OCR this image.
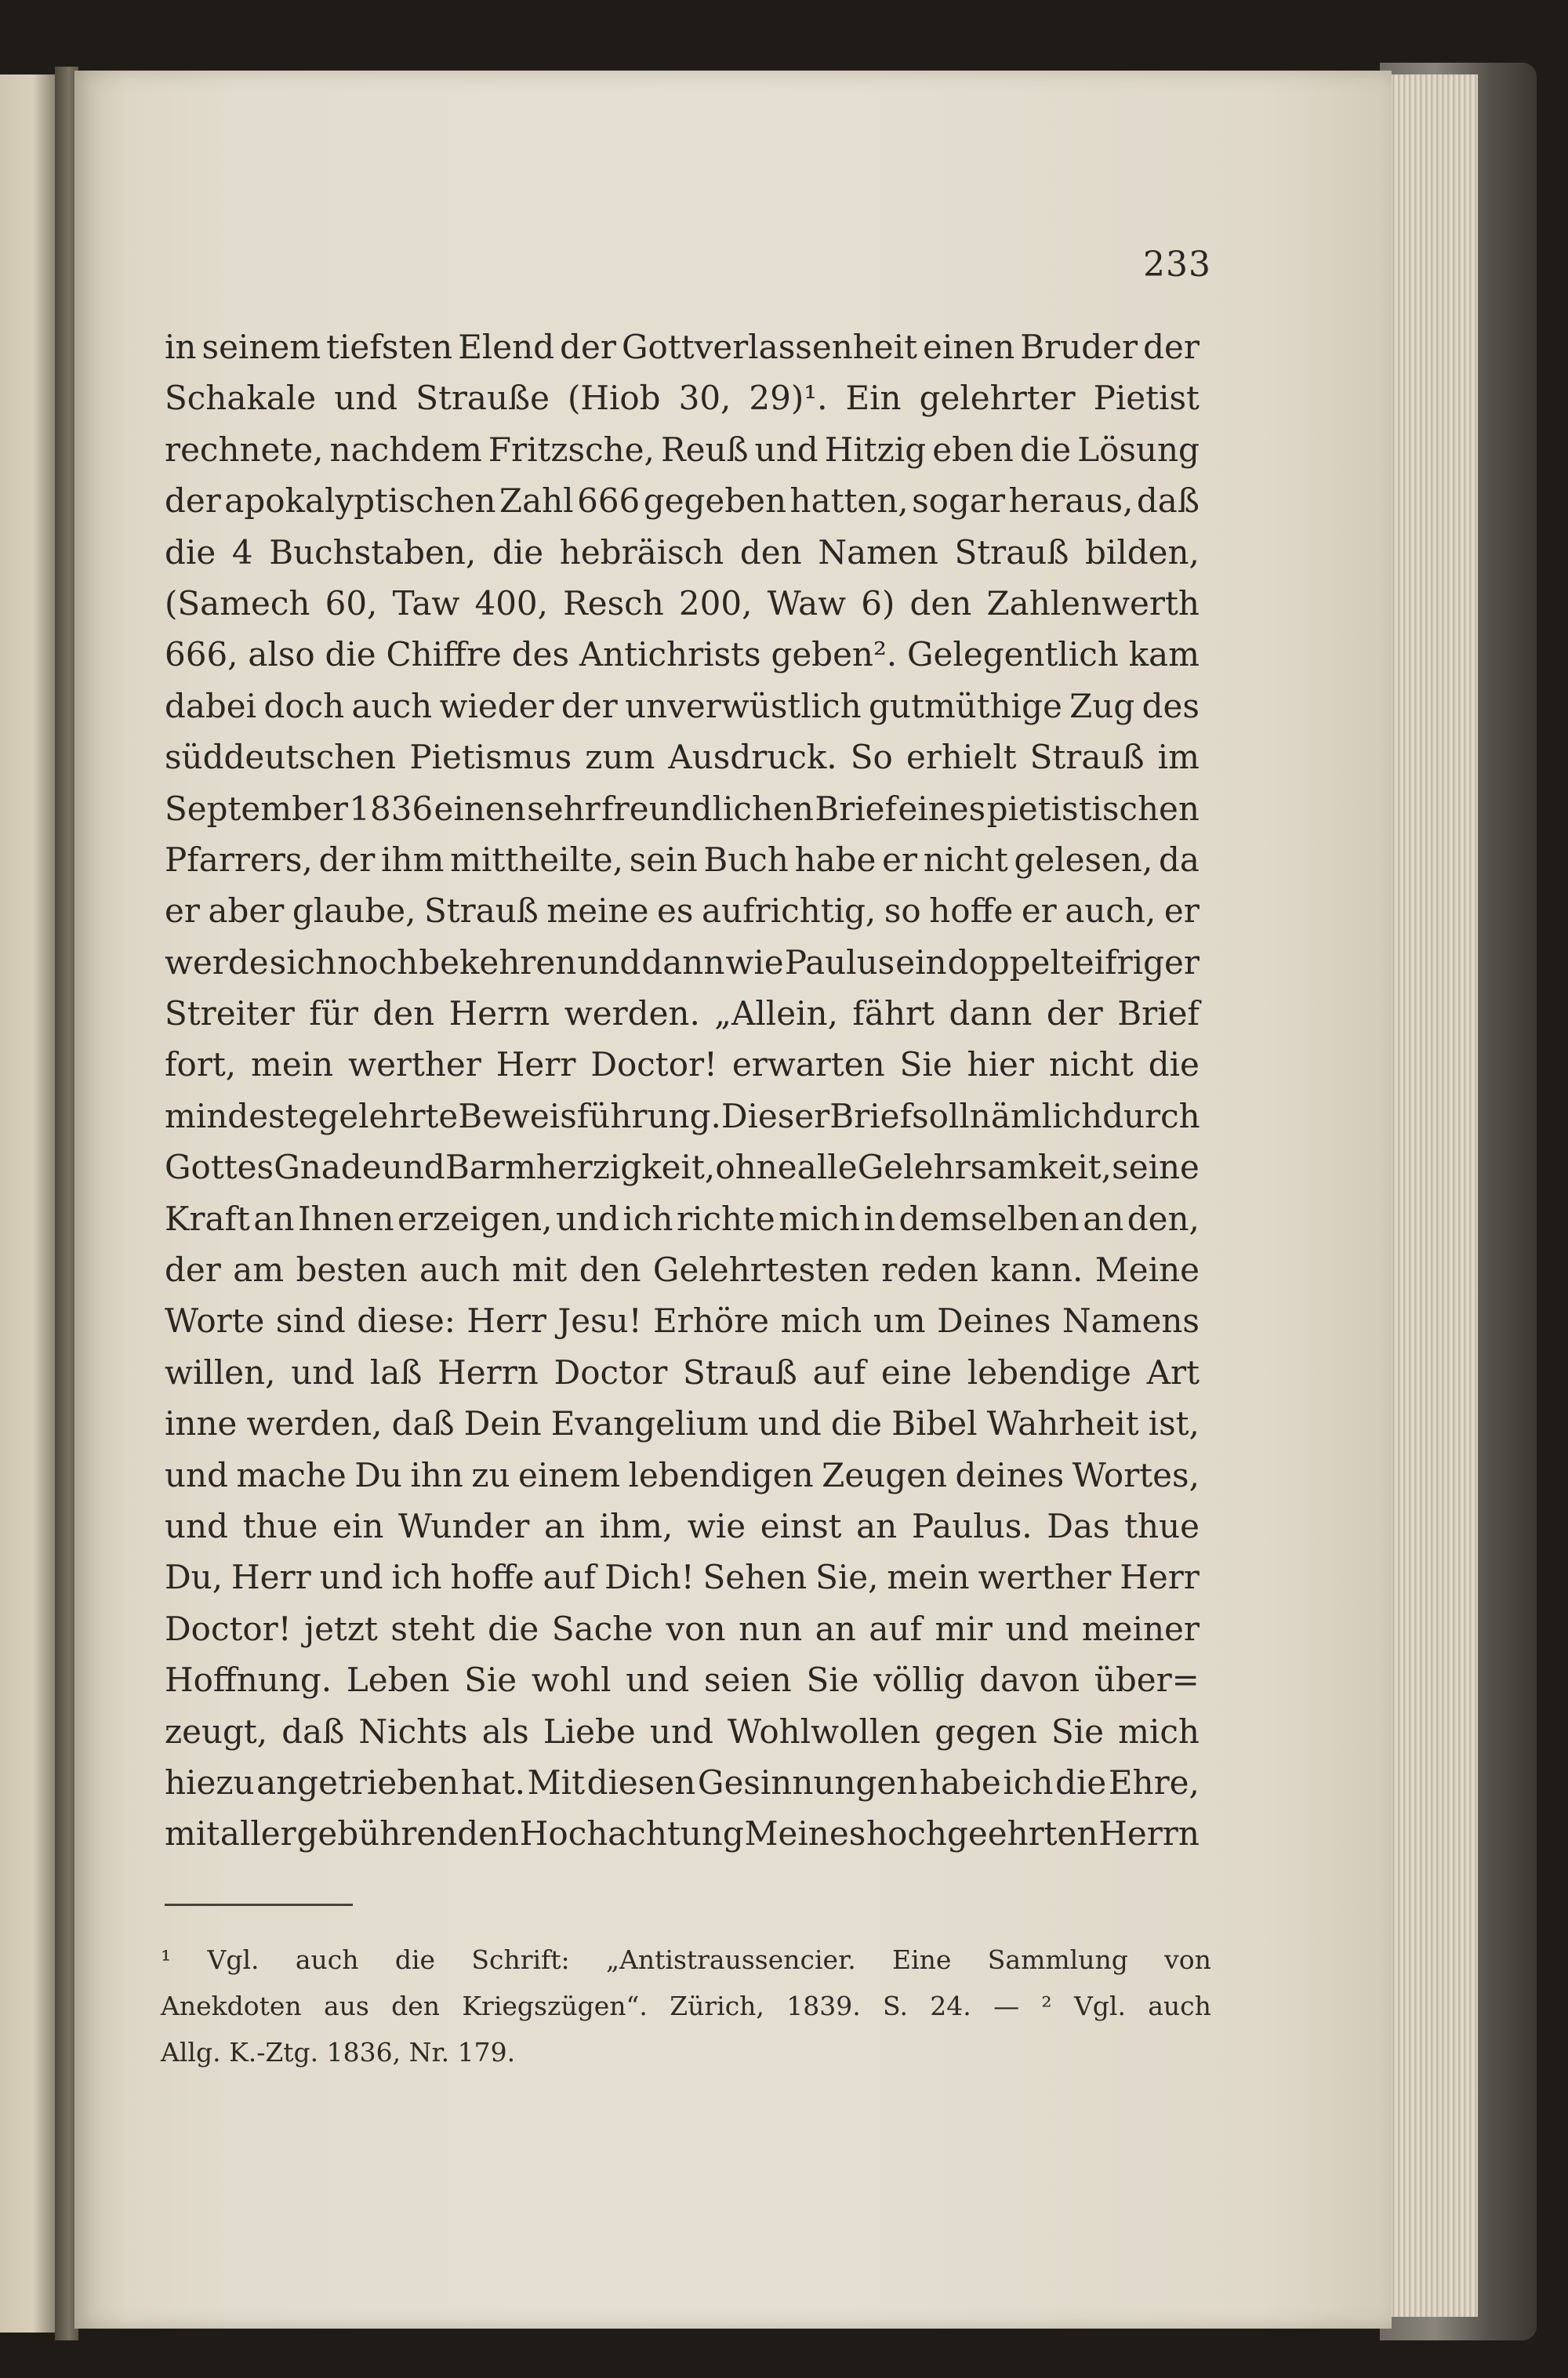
233
in seinem tiefsten Elend der Gottverlassenheit einen Bruder der
Schakale und Strauße (Hiob 30, 29)¹. Ein gelehrter Pietist
rechnete, nachdem Fritzsche, Reuß und Hitzig eben die Lösung
der apokalyptischen Zahl 666 gegeben hatten, sogar heraus, daß
die 4 Buchstaben, die hebräisch den Namen Strauß bilden,
(Samech 60, Taw 400, Resch 200, Waw 6) den Zahlenwerth
666, also die Chiffre des Antichrists geben². Gelegentlich kam
dabei doch auch wieder der unverwüstlich gutmüthige Zug des
süddeutschen Pietismus zum Ausdruck. So erhielt Strauß im
September 1836 einen sehr freundlichen Brief eines pietistischen
Pfarrers, der ihm mittheilte, sein Buch habe er nicht gelesen, da
er aber glaube, Strauß meine es aufrichtig, so hoffe er auch, er
werde sich noch bekehren und dann wie Paulus ein doppelt eifriger
Streiter für den Herrn werden. „Allein, fährt dann der Brief
fort, mein werther Herr Doctor! erwarten Sie hier nicht die
mindeste gelehrte Beweisführung. Dieser Brief soll nämlich durch
Gottes Gnade und Barmherzigkeit, ohne alle Gelehrsamkeit, seine
Kraft an Ihnen erzeigen, und ich richte mich in demselben an den,
der am besten auch mit den Gelehrtesten reden kann. Meine
Worte sind diese: Herr Jesu! Erhöre mich um Deines Namens
willen, und laß Herrn Doctor Strauß auf eine lebendige Art
inne werden, daß Dein Evangelium und die Bibel Wahrheit ist,
und mache Du ihn zu einem lebendigen Zeugen deines Wortes,
und thue ein Wunder an ihm, wie einst an Paulus. Das thue
Du, Herr und ich hoffe auf Dich! Sehen Sie, mein werther Herr
Doctor! jetzt steht die Sache von nun an auf mir und meiner
Hoffnung. Leben Sie wohl und seien Sie völlig davon über=
zeugt, daß Nichts als Liebe und Wohlwollen gegen Sie mich
hiezu angetrieben hat. Mit diesen Gesinnungen habe ich die Ehre,
mit aller gebührenden Hochachtung Meines hochgeehrten Herrn
¹ Vgl. auch die Schrift: „Antistraussencier. Eine Sammlung von
Anekdoten aus den Kriegszügen“. Zürich, 1839. S. 24. — ² Vgl. auch
Allg.
K.-Ztg.
1836,
Nr.
179.
